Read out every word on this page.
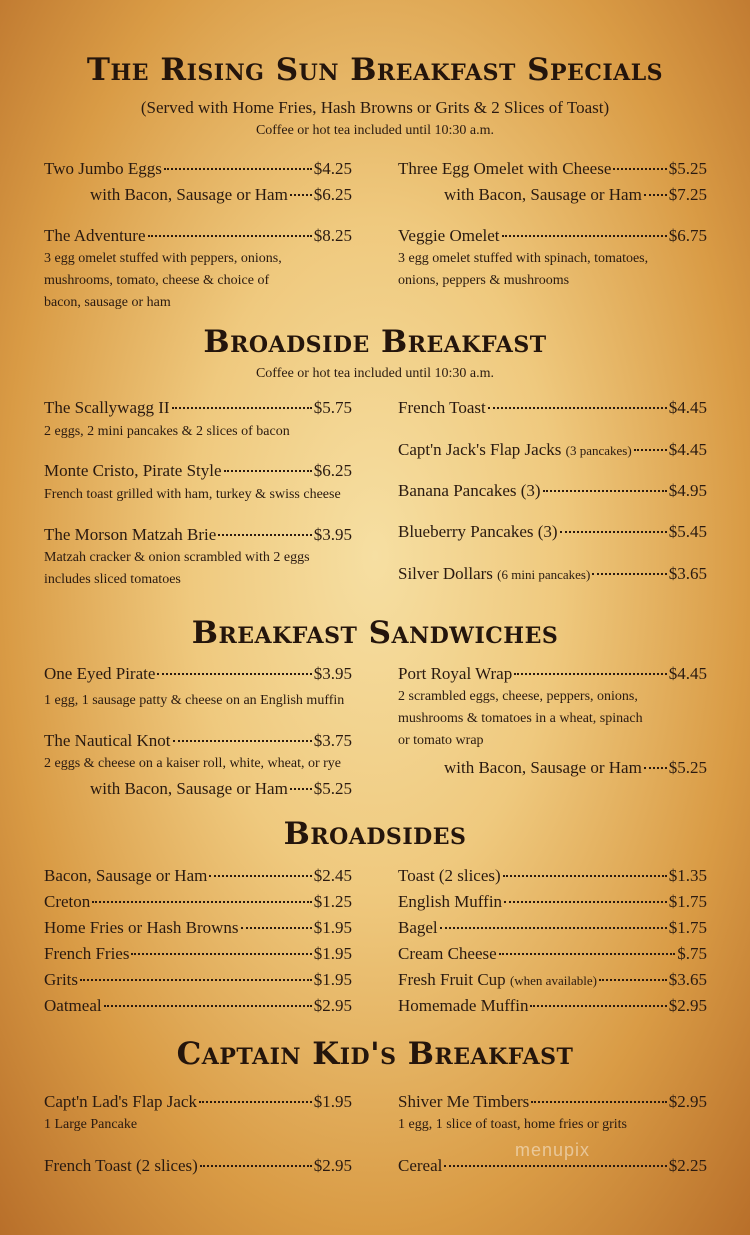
The Rising Sun Breakfast Specials
(Served with Home Fries, Hash Browns or Grits & 2 Slices of Toast)
Coffee or hot tea included until 10:30 a.m.
Two Jumbo Eggs	$4.25
with Bacon, Sausage or Ham $6.25
Three Egg Omelet with Cheese	$5.25
with Bacon, Sausage or Ham $7.25
The Adventure	$8.25
3 egg omelet stuffed with peppers, onions,
mushrooms, tomato, cheese & choice of
bacon, sausage or ham
Veggie Omelet	$6.75
3 egg omelet stuffed with spinach, tomatoes,
onions, peppers & mushrooms
Broadside Breakfast
Coffee or hot tea included until 10:30 a.m.
The Scallywagg II	$5.75
2 eggs, 2 mini pancakes & 2 slices of bacon
Monte Cristo, Pirate Style	$6.25
French toast grilled with ham, turkey & swiss cheese
The Morson Matzah Brie	$3.95
Matzah cracker & onion scrambled with 2 eggs
includes sliced tomatoes
French Toast	$4.45
Capt'n Jack's Flap Jacks
(3 pancakes) $4.45
Banana Pancakes (3)	$4.95
Blueberry Pancakes (3)	$5.45
Silver Dollars
(6 mini pancakes)	$3.65
Breakfast Sandwiches
One Eyed Pirate	$3.95
1 egg, 1 sausage patty & cheese on an English muffin
The Nautical Knot	$3.75
2 eggs & cheese on a kaiser roll, white, wheat, or rye
with Bacon, Sausage or Ham $5.25
Port Royal Wrap	$4.45
2 scrambled eggs, cheese, peppers, onions,
mushrooms & tomatoes in a wheat, spinach
or tomato wrap
with Bacon, Sausage or Ham $5.25
Broadsides
Bacon, Sausage or Ham	$2.45
Creton	$1.25
Home Fries or Hash Browns	$1.95
French Fries	$1.95
Grits	$1.95
Oatmeal	$2.95
Toast (2 slices)	$1.35
English Muffin	$1.75
Bagel	$1.75
Cream Cheese	$.75
Fresh Fruit Cup
(when available)	$3.65
Homemade Muffin	$2.95
Captain Kid's Breakfast
Capt'n Lad's Flap Jack	$1.95
1 Large Pancake
French Toast (2 slices)	$2.95
Shiver Me Timbers	$2.95
1 egg, 1 slice of toast, home fries or grits
Cereal	$2.25
menupix
